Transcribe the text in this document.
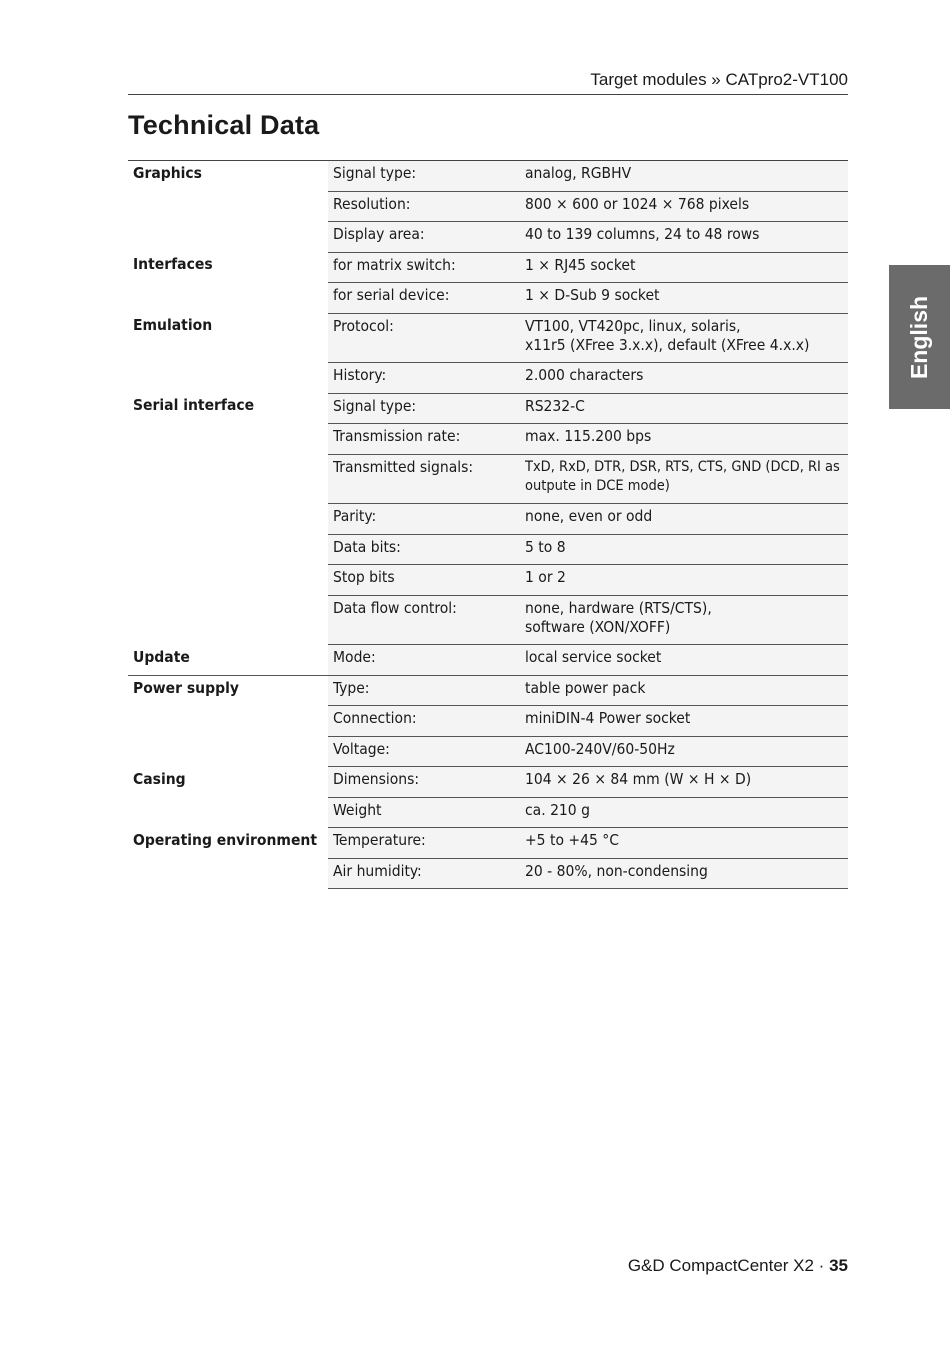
Target modules » CATpro2-VT100
Technical Data
Graphics	Signal type:	analog, RGBHV
	Resolution:	800 × 600 or 1024 × 768 pixels
	Display area:	40 to 139 columns, 24 to 48 rows
Interfaces	for matrix switch:	1 × RJ45 socket
	for serial device:	1 × D-Sub 9 socket
Emulation	Protocol:	VT100, VT420pc, linux, solaris,
x11r5 (XFree 3.x.x), default (XFree 4.x.x)

	History:	2.000 characters
Serial interface	Signal type:	RS232-C
	Transmission rate:	max. 115.200 bps
	Transmitted signals:	TxD, RxD, DTR, DSR, RTS, CTS, GND (DCD, RI as
outpute in DCE mode)

	Parity:	none, even or odd
	Data bits:	5 to 8
	Stop bits	1 or 2
	Data flow control:	none, hardware (RTS/CTS),
software (XON/XOFF)

Update	Mode:	local service socket
Power supply	Type:	table power pack
	Connection:	miniDIN-4 Power socket
	Voltage:	AC100-240V/60-50Hz
Casing	Dimensions:	104 × 26 × 84 mm (W × H × D)
	Weight	ca. 210 g
Operating environment	Temperature:	+5 to +45 °C
	Air humidity:	20 - 80%, non-condensing
English
G&D CompactCenter X2 · 35
